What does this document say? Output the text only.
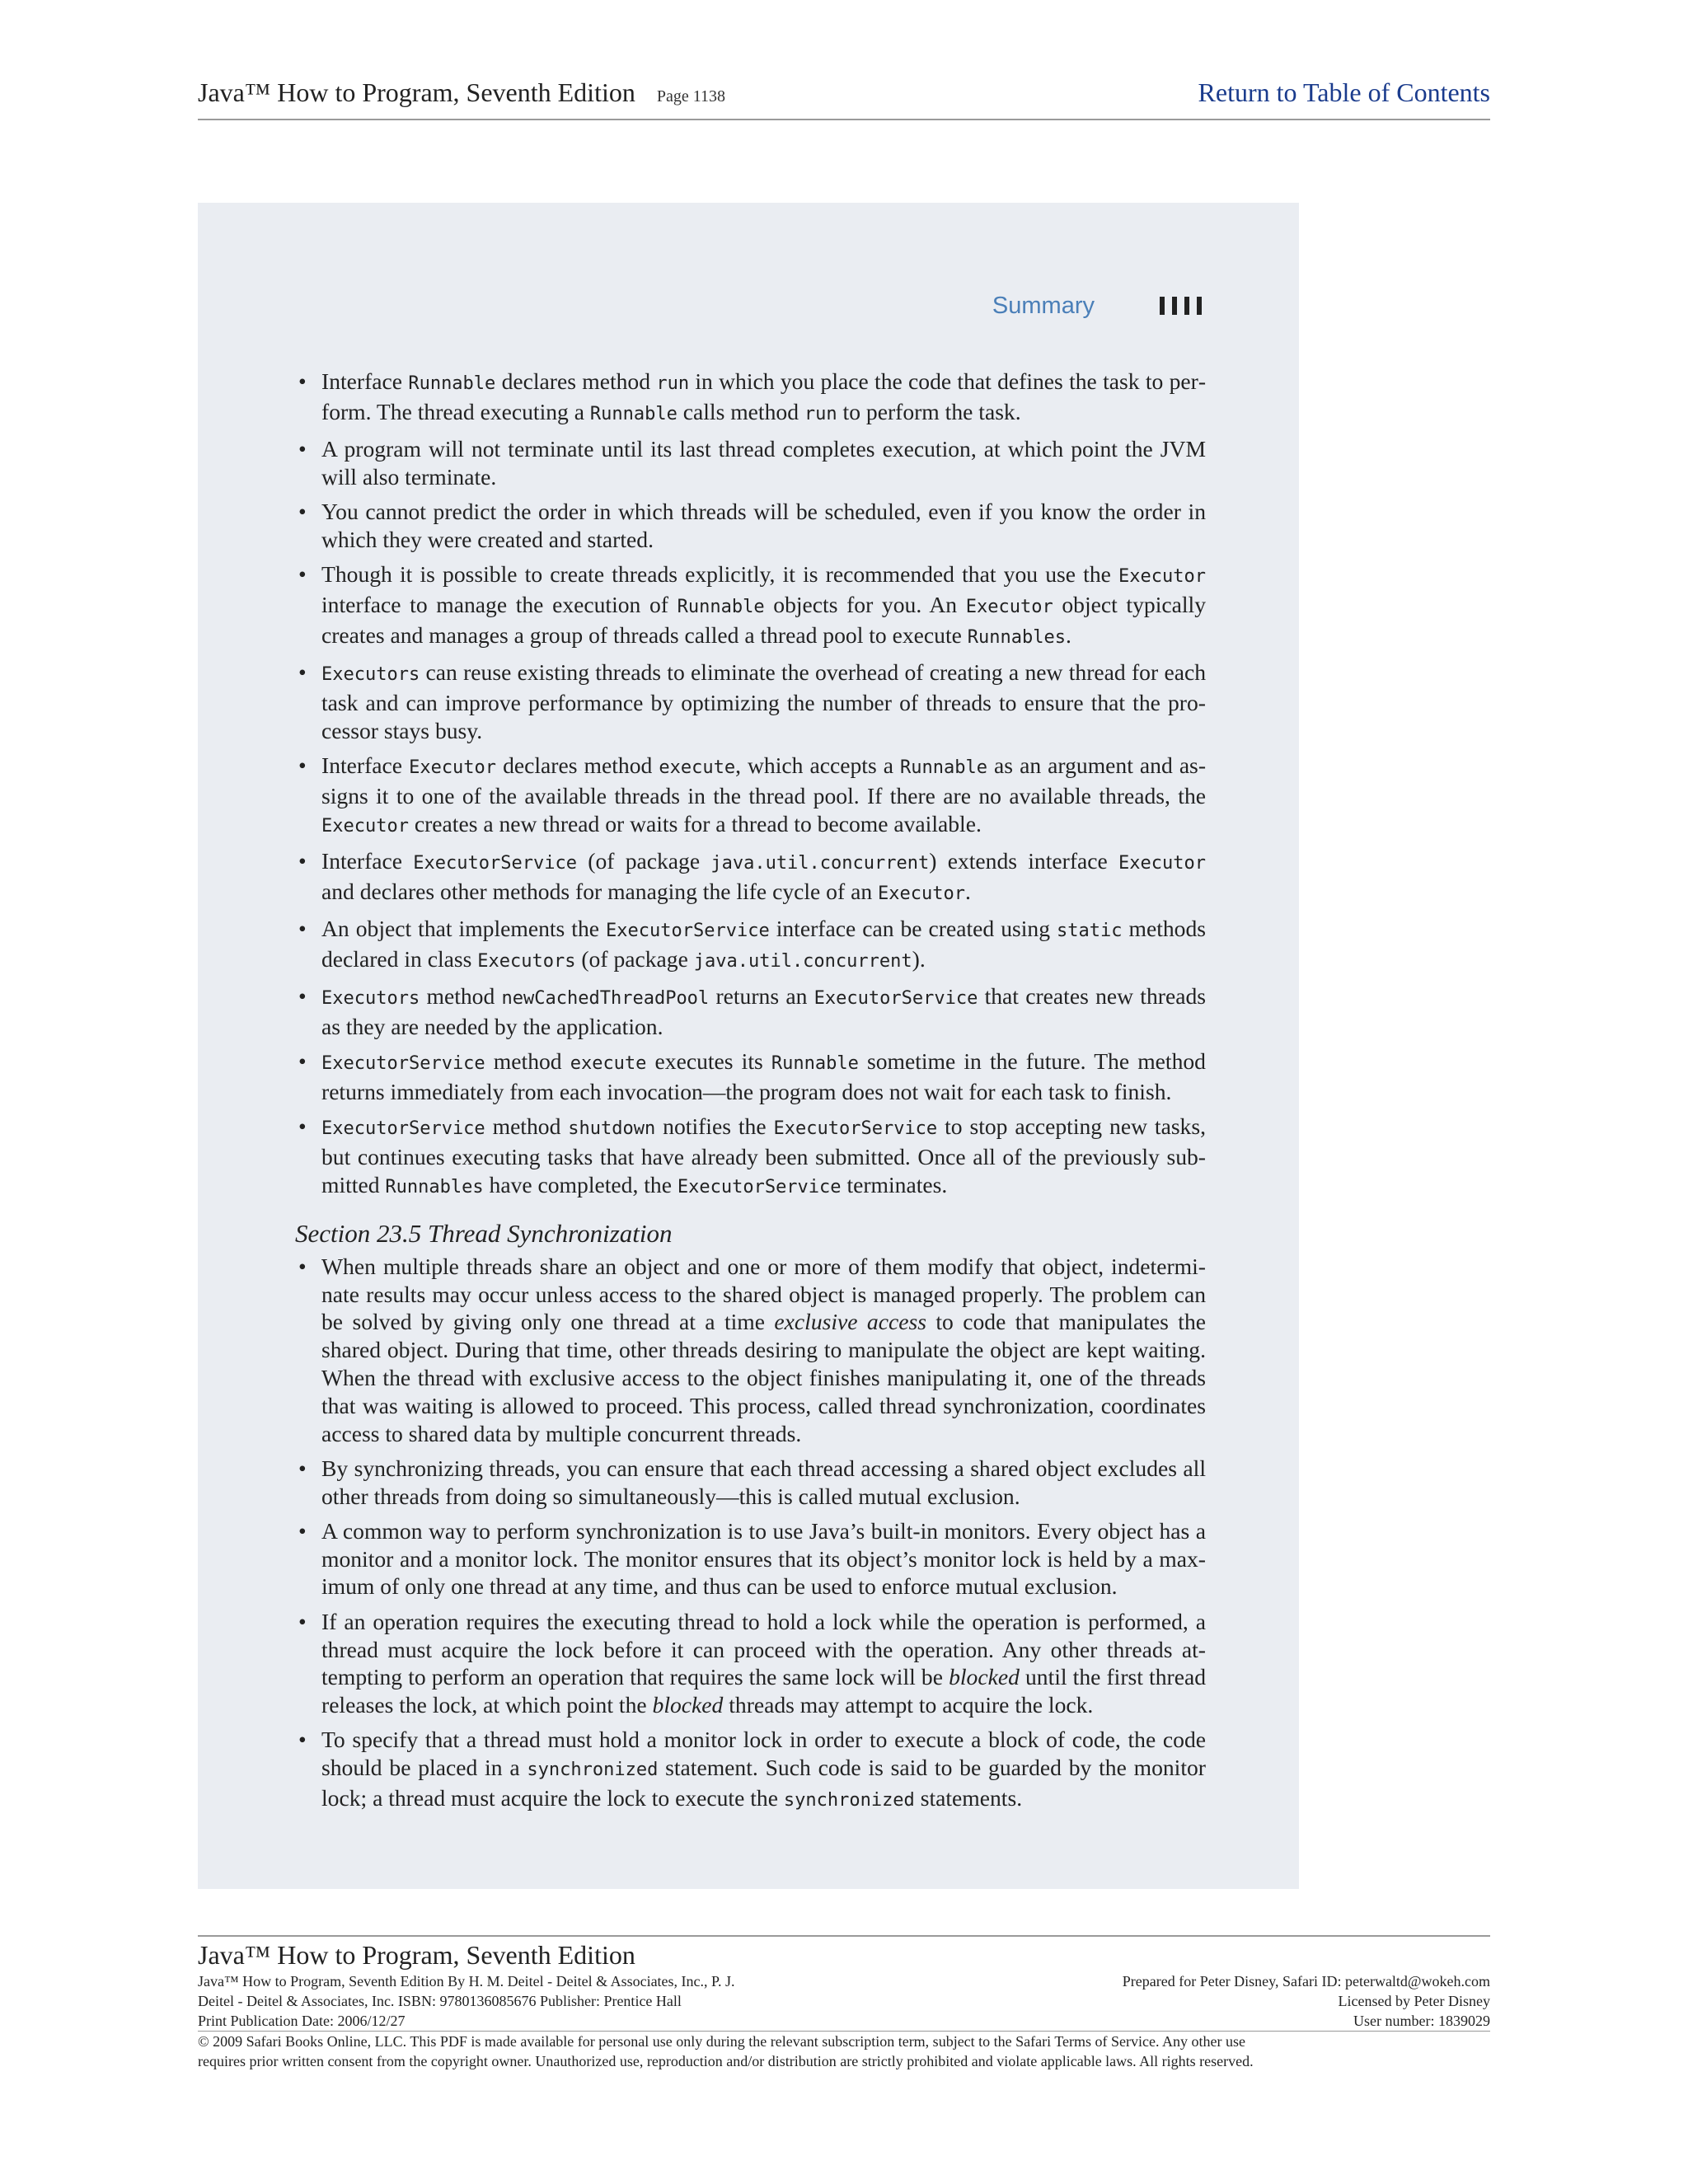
Java™ How to Program, Seventh Edition Page 1138	Return to Table of Contents
Summary
• Interface Runnable declares method run in which you place the code that defines the task to perform. The thread executing a Runnable calls method run to perform the task.
• A program will not terminate until its last thread completes execution, at which point the JVM will also terminate.
• You cannot predict the order in which threads will be scheduled, even if you know the order in which they were created and started.
• Though it is possible to create threads explicitly, it is recommended that you use the Executor interface to manage the execution of Runnable objects for you. An Executor object typically creates and manages a group of threads called a thread pool to execute Runnables.
• Executors can reuse existing threads to eliminate the overhead of creating a new thread for each task and can improve performance by optimizing the number of threads to ensure that the processor stays busy.
• Interface Executor declares method execute, which accepts a Runnable as an argument and assigns it to one of the available threads in the thread pool. If there are no available threads, the Executor creates a new thread or waits for a thread to become available.
• Interface ExecutorService (of package java.util.concurrent) extends interface Executor and declares other methods for managing the life cycle of an Executor.
• An object that implements the ExecutorService interface can be created using static methods declared in class Executors (of package java.util.concurrent).
• Executors method newCachedThreadPool returns an ExecutorService that creates new threads as they are needed by the application.
• ExecutorService method execute executes its Runnable sometime in the future. The method returns immediately from each invocation—the program does not wait for each task to finish.
• ExecutorService method shutdown notifies the ExecutorService to stop accepting new tasks, but continues executing tasks that have already been submitted. Once all of the previously submitted Runnables have completed, the ExecutorService terminates.
Section 23.5 Thread Synchronization
• When multiple threads share an object and one or more of them modify that object, indeterminate results may occur unless access to the shared object is managed properly. The problem can be solved by giving only one thread at a time exclusive access to code that manipulates the shared object. During that time, other threads desiring to manipulate the object are kept waiting. When the thread with exclusive access to the object finishes manipulating it, one of the threads that was waiting is allowed to proceed. This process, called thread synchronization, coordinates access to shared data by multiple concurrent threads.
• By synchronizing threads, you can ensure that each thread accessing a shared object excludes all other threads from doing so simultaneously—this is called mutual exclusion.
• A common way to perform synchronization is to use Java’s built-in monitors. Every object has a monitor and a monitor lock. The monitor ensures that its object’s monitor lock is held by a maximum of only one thread at any time, and thus can be used to enforce mutual exclusion.
• If an operation requires the executing thread to hold a lock while the operation is performed, a thread must acquire the lock before it can proceed with the operation. Any other threads attempting to perform an operation that requires the same lock will be blocked until the first thread releases the lock, at which point the blocked threads may attempt to acquire the lock.
• To specify that a thread must hold a monitor lock in order to execute a block of code, the code should be placed in a synchronized statement. Such code is said to be guarded by the monitor lock; a thread must acquire the lock to execute the synchronized statements.
Java™ How to Program, Seventh Edition
Java™ How to Program, Seventh Edition By H. M. Deitel - Deitel & Associates, Inc., P. J.
Deitel - Deitel & Associates, Inc. ISBN: 9780136085676 Publisher: Prentice Hall
Print Publication Date: 2006/12/27
Prepared for Peter Disney, Safari ID: peterwaltd@wokeh.com
Licensed by Peter Disney
User number: 1839029
© 2009 Safari Books Online, LLC. This PDF is made available for personal use only during the relevant subscription term, subject to the Safari Terms of Service. Any other use
requires prior written consent from the copyright owner. Unauthorized use, reproduction and/or distribution are strictly prohibited and violate applicable laws. All rights reserved.
